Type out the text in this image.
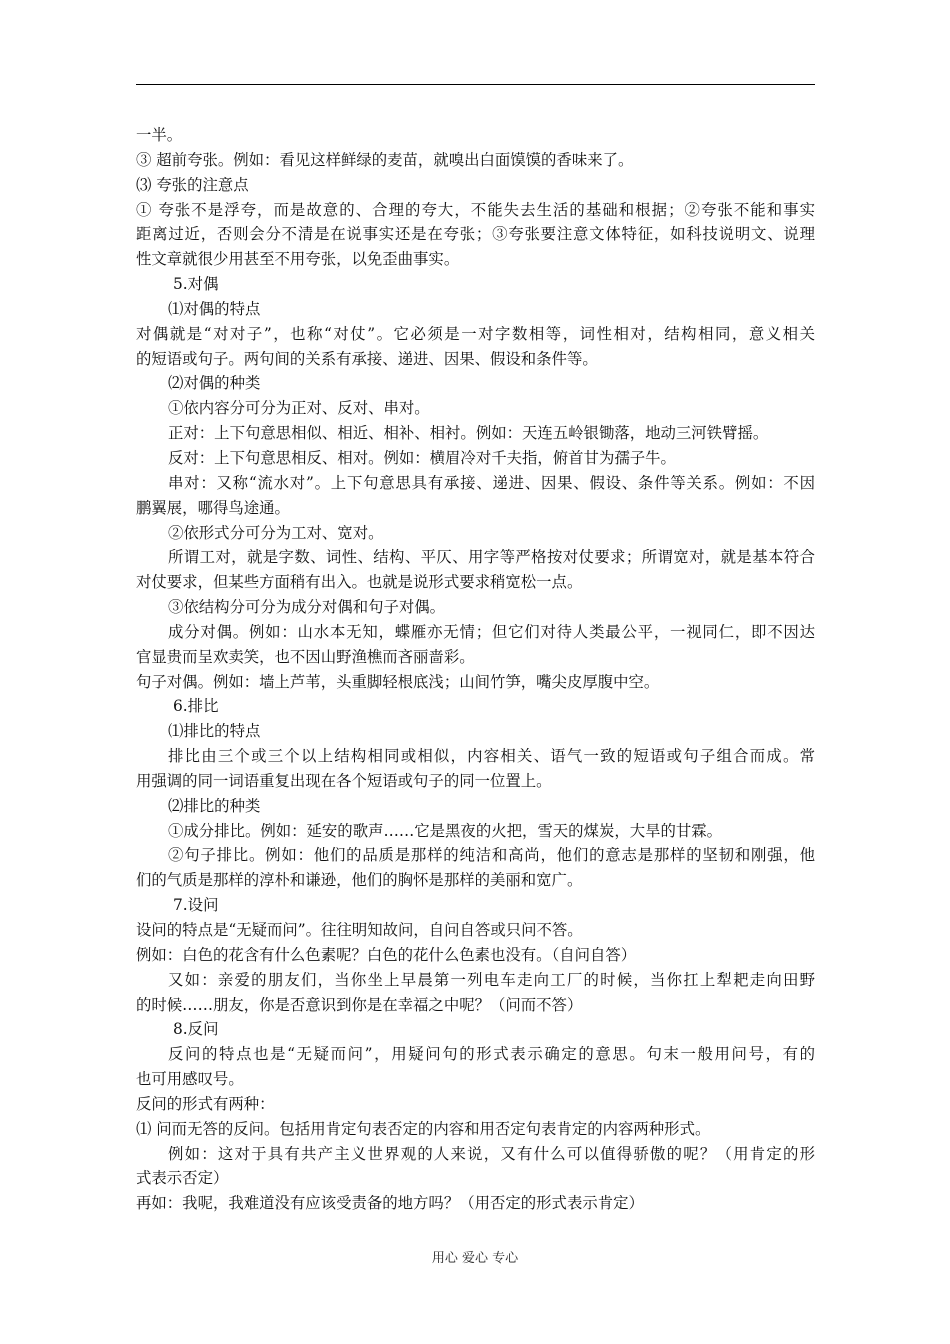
一半。
③ 超前夸张。例如：看见这样鲜绿的麦苗，就嗅出白面馍馍的香味来了。
⑶ 夸张的注意点
① 夸张不是浮夸，而是故意的、合理的夸大，不能失去生活的基础和根据；②夸张不能和事实
距离过近，否则会分不清是在说事实还是在夸张；③夸张要注意文体特征，如科技说明文、说理
性文章就很少用甚至不用夸张，以免歪曲事实。
5.对偶
⑴对偶的特点
对偶就是“对对子”，也称“对仗”。它必须是一对字数相等，词性相对，结构相同，意义相关
的短语或句子。两句间的关系有承接、递进、因果、假设和条件等。
⑵对偶的种类
①依内容分可分为正对、反对、串对。
正对：上下句意思相似、相近、相补、相衬。例如：天连五岭银锄落，地动三河铁臂摇。
反对：上下句意思相反、相对。例如：横眉冷对千夫指，俯首甘为孺子牛。
串对：又称“流水对”。上下句意思具有承接、递进、因果、假设、条件等关系。例如：不因
鹏翼展，哪得鸟途通。
②依形式分可分为工对、宽对。
所谓工对，就是字数、词性、结构、平仄、用字等严格按对仗要求；所谓宽对，就是基本符合
对仗要求，但某些方面稍有出入。也就是说形式要求稍宽松一点。
③依结构分可分为成分对偶和句子对偶。
成分对偶。例如：山水本无知，蝶雁亦无情；但它们对待人类最公平，一视同仁，即不因达
官显贵而呈欢卖笑，也不因山野渔樵而吝丽啬彩。
句子对偶。例如：墙上芦苇，头重脚轻根底浅；山间竹笋，嘴尖皮厚腹中空。
6.排比
⑴排比的特点
排比由三个或三个以上结构相同或相似，内容相关、语气一致的短语或句子组合而成。常
用强调的同一词语重复出现在各个短语或句子的同一位置上。
⑵排比的种类
①成分排比。例如：延安的歌声……它是黑夜的火把，雪天的煤炭，大旱的甘霖。
②句子排比。例如：他们的品质是那样的纯洁和高尚，他们的意志是那样的坚韧和刚强，他
们的气质是那样的淳朴和谦逊，他们的胸怀是那样的美丽和宽广。
7.设问
设问的特点是“无疑而问”。往往明知故问，自问自答或只问不答。
例如：白色的花含有什么色素呢？白色的花什么色素也没有。（自问自答）
又如：亲爱的朋友们，当你坐上早晨第一列电车走向工厂的时候，当你扛上犁耙走向田野
的时候……朋友，你是否意识到你是在幸福之中呢？（问而不答）
8.反问
反问的特点也是“无疑而问”，用疑问句的形式表示确定的意思。句末一般用问号，有的
也可用感叹号。
反问的形式有两种：
⑴ 问而无答的反问。包括用肯定句表否定的内容和用否定句表肯定的内容两种形式。
例如：这对于具有共产主义世界观的人来说，又有什么可以值得骄傲的呢？（用肯定的形
式表示否定）
再如：我呢，我难道没有应该受责备的地方吗？（用否定的形式表示肯定）
用心 爱心 专心
